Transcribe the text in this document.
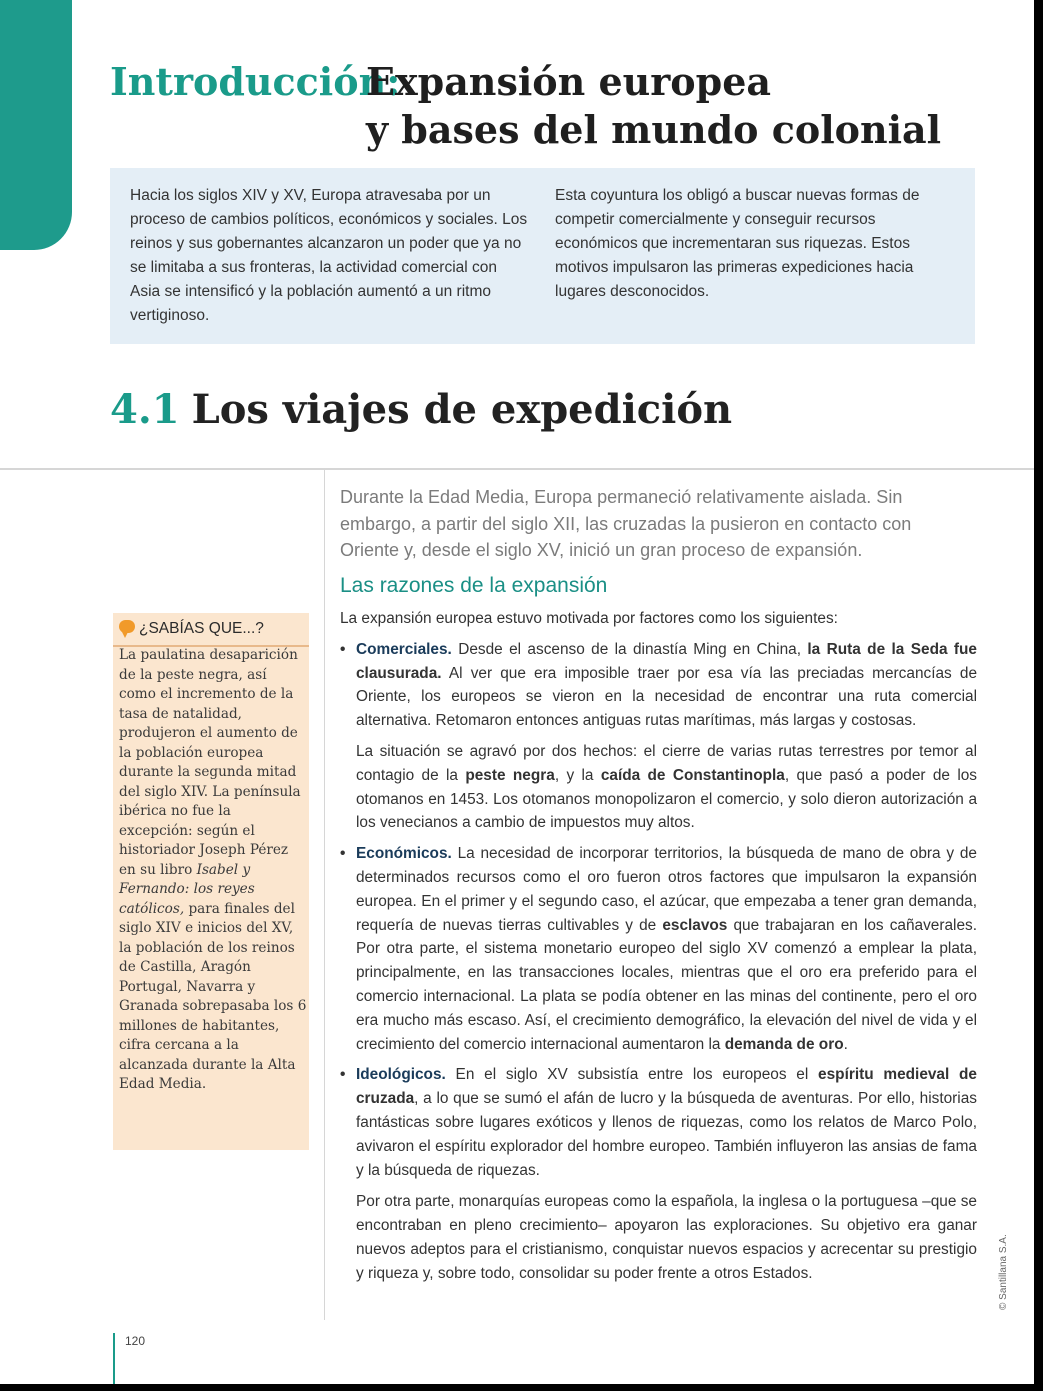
Introducción:
Expansión europea
y bases del mundo colonial
Hacia los siglos XIV y XV, Europa atravesaba por un proceso de cambios políticos, económicos y sociales. Los reinos y sus gobernantes alcanzaron un poder que ya no se limitaba a sus fronteras, la actividad comercial con Asia se intensificó y la población aumentó a un ritmo vertiginoso.
Esta coyuntura los obligó a buscar nuevas formas de competir comercialmente y conseguir recursos económicos que incrementaran sus riquezas. Estos motivos impulsaron las primeras expediciones hacia lugares desconocidos.
4.1 Los viajes de expedición
Durante la Edad Media, Europa permaneció relativamente aislada. Sin embargo, a partir del siglo XII, las cruzadas la pusieron en contacto con Oriente y, desde el siglo XV, inició un gran proceso de expansión.
Las razones de la expansión

La expansión europea estuvo motivada por factores como los siguientes:

• Comerciales. Desde el ascenso de la dinastía Ming en China, la Ruta de la Seda fue clausurada. Al ver que era imposible traer por esa vía las preciadas mercancías de Oriente, los europeos se vieron en la necesidad de encontrar una ruta comercial alternativa. Retomaron entonces antiguas rutas marítimas, más largas y costosas.

La situación se agravó por dos hechos: el cierre de varias rutas terrestres por temor al contagio de la peste negra, y la caída de Constantinopla, que pasó a poder de los otomanos en 1453. Los otomanos monopolizaron el comercio, y solo dieron autorización a los venecianos a cambio de impuestos muy altos.

• Económicos. La necesidad de incorporar territorios, la búsqueda de mano de obra y de determinados recursos como el oro fueron otros factores que impulsaron la expansión europea. En el primer y el segundo caso, el azúcar, que empezaba a tener gran demanda, requería de nuevas tierras cultivables y de esclavos que trabajaran en los cañaverales. Por otra parte, el sistema monetario europeo del siglo XV comenzó a emplear la plata, principalmente, en las transacciones locales, mientras que el oro era preferido para el comercio internacional. La plata se podía obtener en las minas del continente, pero el oro era mucho más escaso. Así, el crecimiento demográfico, la elevación del nivel de vida y el crecimiento del comercio internacional aumentaron la demanda de oro.

• Ideológicos. En el siglo XV subsistía entre los europeos el espíritu medieval de cruzada, a lo que se sumó el afán de lucro y la búsqueda de aventuras. Por ello, historias fantásticas sobre lugares exóticos y llenos de riquezas, como los relatos de Marco Polo, avivaron el espíritu explorador del hombre europeo. También influyeron las ansias de fama y la búsqueda de riquezas.

Por otra parte, monarquías europeas como la española, la inglesa o la portuguesa –que se encontraban en pleno crecimiento– apoyaron las exploraciones. Su objetivo era ganar nuevos adeptos para el cristianismo, conquistar nuevos espacios y acrecentar su prestigio y riqueza y, sobre todo, consolidar su poder frente a otros Estados.

¿SABÍAS QUE...?
La paulatina desaparición de la peste negra, así como el incremento de la tasa de natalidad, produjeron el aumento de la población europea durante la segunda mitad del siglo XIV. La península ibérica no fue la excepción: según el historiador Joseph Pérez en su libro Isabel y Fernando: los reyes católicos, para finales del siglo XIV e inicios del XV, la población de los reinos de Castilla, Aragón Portugal, Navarra y Granada sobrepasaba los 6 millones de habitantes, cifra cercana a la alcanzada durante la Alta Edad Media.
120
© Santillana S.A.
